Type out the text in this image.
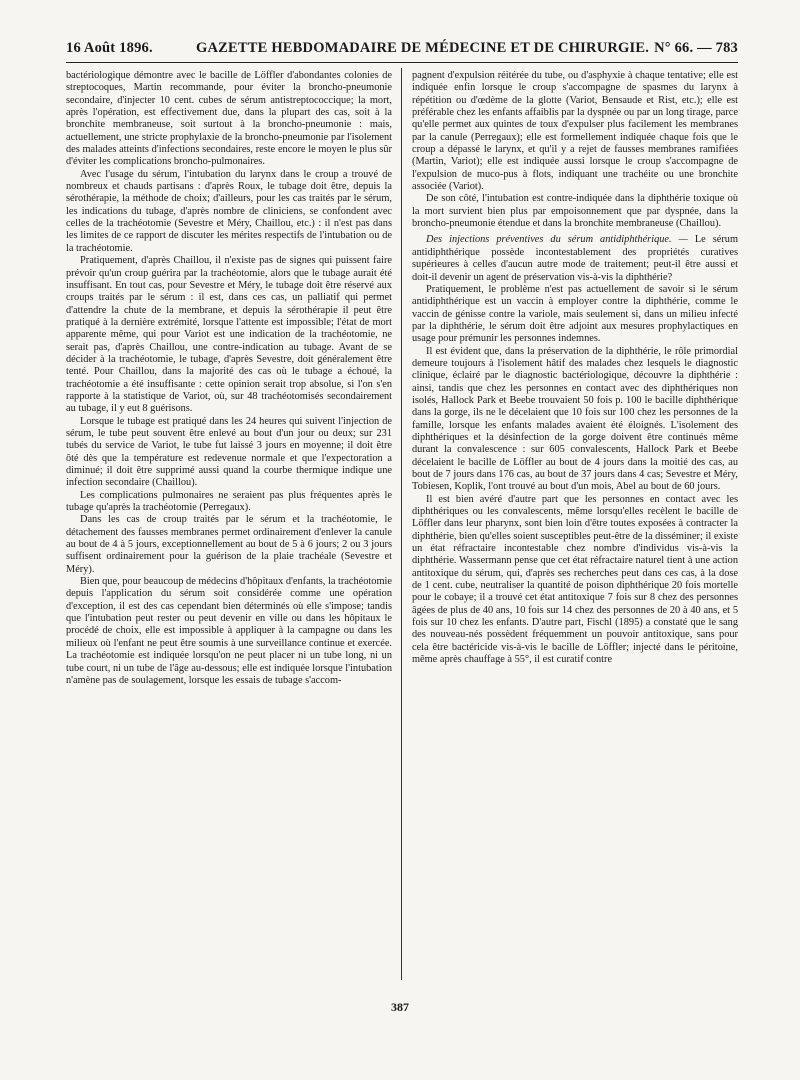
16 Août 1896.	GAZETTE HEBDOMADAIRE DE MÉDECINE ET DE CHIRURGIE. N° 66. — 783

bactériologique démontre avec le bacille de Löffler d'abondantes colonies de streptocoques, Martin recommande, pour éviter la broncho-pneumonie secondaire, d'injecter 10 cent. cubes de sérum antistreptococcique; la mort, après l'opération, est effectivement due, dans la plupart des cas, soit à la bronchite membraneuse, soit surtout à la broncho-pneumonie : mais, actuellement, une stricte prophylaxie de la broncho-pneumonie par l'isolement des malades atteints d'infections secondaires, reste encore le moyen le plus sûr d'éviter les complications broncho-pulmonaires.

Avec l'usage du sérum, l'intubation du larynx dans le croup a trouvé de nombreux et chauds partisans : d'après Roux, le tubage doit être, depuis la sérothérapie, la méthode de choix; d'ailleurs, pour les cas traités par le sérum, les indications du tubage, d'après nombre de cliniciens, se confondent avec celles de la trachéotomie (Sevestre et Méry, Chaillou, etc.) : il n'est pas dans les limites de ce rapport de discuter les mérites respectifs de l'intubation ou de la trachéotomie.

Pratiquement, d'après Chaillou, il n'existe pas de signes qui puissent faire prévoir qu'un croup guérira par la trachéotomie, alors que le tubage aurait été insuffisant. En tout cas, pour Sevestre et Méry, le tubage doit être réservé aux croups traités par le sérum : il est, dans ces cas, un palliatif qui permet d'attendre la chute de la membrane, et depuis la sérothérapie il peut être pratiqué à la dernière extrémité, lorsque l'attente est impossible; l'état de mort apparente même, qui pour Variot est une indication de la trachéotomie, ne serait pas, d'après Chaillou, une contre-indication au tubage. Avant de se décider à la trachéotomie, le tubage, d'après Sevestre, doit généralement être tenté. Pour Chaillou, dans la majorité des cas où le tubage a échoué, la trachéotomie a été insuffisante : cette opinion serait trop absolue, si l'on s'en rapporte à la statistique de Variot, où, sur 48 trachéotomisés secondairement au tubage, il y eut 8 guérisons.

Lorsque le tubage est pratiqué dans les 24 heures qui suivent l'injection de sérum, le tube peut souvent être enlevé au bout d'un jour ou deux; sur 231 tubés du service de Variot, le tube fut laissé 3 jours en moyenne; il doit être ôté dès que la température est redevenue normale et que l'expectoration a diminué; il doit être supprimé aussi quand la courbe thermique indique une infection secondaire (Chaillou).

Les complications pulmonaires ne seraient pas plus fréquentes après le tubage qu'après la trachéotomie (Perregaux).

Dans les cas de croup traités par le sérum et la trachéotomie, le détachement des fausses membranes permet ordinairement d'enlever la canule au bout de 4 à 5 jours, exceptionnellement au bout de 5 à 6 jours; 2 ou 3 jours suffisent ordinairement pour la guérison de la plaie trachéale (Sevestre et Méry).

Bien que, pour beaucoup de médecins d'hôpitaux d'enfants, la trachéotomie depuis l'application du sérum soit considérée comme une opération d'exception, il est des cas cependant bien déterminés où elle s'impose; tandis que l'intubation peut rester ou peut devenir en ville ou dans les hôpitaux le procédé de choix, elle est impossible à appliquer à la campagne ou dans les milieux où l'enfant ne peut être soumis à une surveillance continue et exercée. La trachéotomie est indiquée lorsqu'on ne peut placer ni un tube long, ni un tube court, ni un tube de l'âge au-dessous; elle est indiquée lorsque l'intubation n'amène pas de soulagement, lorsque les essais de tubage s'accom-

pagnent d'expulsion réitérée du tube, ou d'asphyxie à chaque tentative; elle est indiquée enfin lorsque le croup s'accompagne de spasmes du larynx à répétition ou d'œdème de la glotte (Variot, Bensaude et Rist, etc.); elle est préférable chez les enfants affaiblis par la dyspnée ou par un long tirage, parce qu'elle permet aux quintes de toux d'expulser plus facilement les membranes par la canule (Perregaux); elle est formellement indiquée chaque fois que le croup a dépassé le larynx, et qu'il y a rejet de fausses membranes ramifiées (Martin, Variot); elle est indiquée aussi lorsque le croup s'accompagne de l'expulsion de muco-pus à flots, indiquant une trachéite ou une bronchite associée (Variot).

De son côté, l'intubation est contre-indiquée dans la diphthérie toxique où la mort survient bien plus par empoisonnement que par dyspnée, dans la broncho-pneumonie étendue et dans la bronchite membraneuse (Chaillou).

Des injections préventives du sérum antidiphthérique. — Le sérum antidiphthérique possède incontestablement des propriétés curatives supérieures à celles d'aucun autre mode de traitement; peut-il être aussi et doit-il devenir un agent de préservation vis-à-vis la diphthérie?

Pratiquement, le problème n'est pas actuellement de savoir si le sérum antidiphthérique est un vaccin à employer contre la diphthérie, comme le vaccin de génisse contre la variole, mais seulement si, dans un milieu infecté par la diphthérie, le sérum doit être adjoint aux mesures prophylactiques en usage pour prémunir les personnes indemnes.

Il est évident que, dans la préservation de la diphthérie, le rôle primordial demeure toujours à l'isolement hâtif des malades chez lesquels le diagnostic clinique, éclairé par le diagnostic bactériologique, découvre la diphthérie : ainsi, tandis que chez les personnes en contact avec des diphthériques non isolés, Hallock Park et Beebe trouvaient 50 fois p. 100 le bacille diphthérique dans la gorge, ils ne le décelaient que 10 fois sur 100 chez les personnes de la famille, lorsque les enfants malades avaient été éloignés. L'isolement des diphthériques et la désinfection de la gorge doivent être continués même durant la convalescence : sur 605 convalescents, Hallock Park et Beebe décelaient le bacille de Löffler au bout de 4 jours dans la moitié des cas, au bout de 7 jours dans 176 cas, au bout de 37 jours dans 4 cas; Sevestre et Méry, Tobiesen, Koplik, l'ont trouvé au bout d'un mois, Abel au bout de 60 jours.

Il est bien avéré d'autre part que les personnes en contact avec les diphthériques ou les convalescents, même lorsqu'elles recèlent le bacille de Löffler dans leur pharynx, sont bien loin d'être toutes exposées à contracter la diphthérie, bien qu'elles soient susceptibles peut-être de la disséminer; il existe un état réfractaire incontestable chez nombre d'individus vis-à-vis la diphthérie. Wassermann pense que cet état réfractaire naturel tient à une action antitoxique du sérum, qui, d'après ses recherches peut dans ces cas, à la dose de 1 cent. cube, neutraliser la quantité de poison diphthérique 20 fois mortelle pour le cobaye; il a trouvé cet état antitoxique 7 fois sur 8 chez des personnes âgées de plus de 40 ans, 10 fois sur 14 chez des personnes de 20 à 40 ans, et 5 fois sur 10 chez les enfants. D'autre part, Fischl (1895) a constaté que le sang des nouveau-nés possèdent fréquemment un pouvoir antitoxique, sans pour cela être bactéricide vis-à-vis le bacille de Löffler; injecté dans le péritoine, même après chauffage à 55°, il est curatif contre

387
